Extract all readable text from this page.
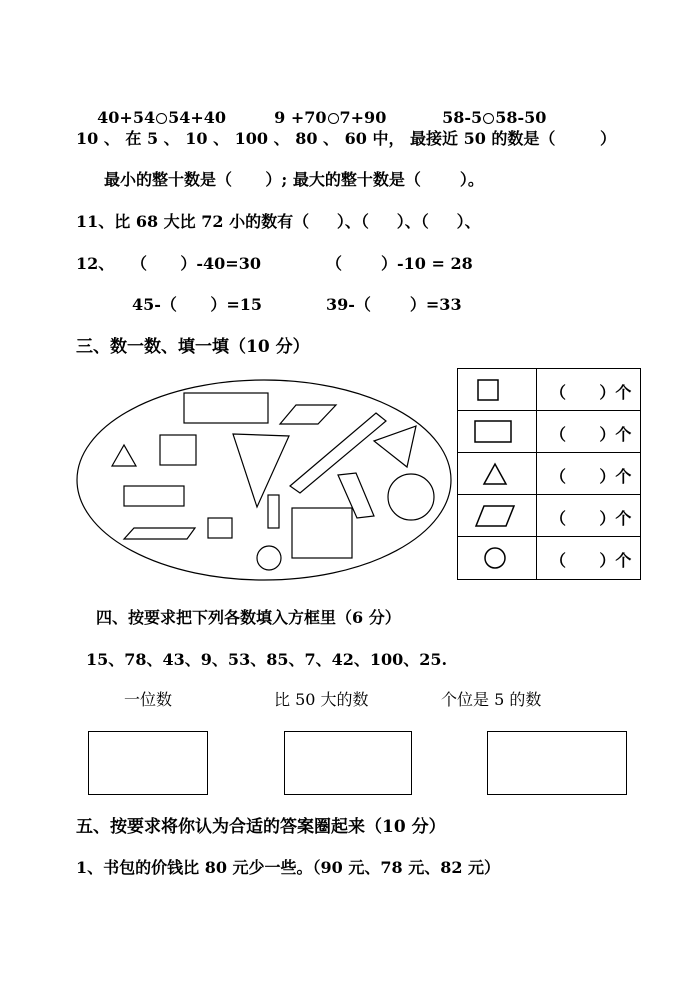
40+54 54+40	9 +70 7+90	58-5 58-50

10 、 在 5 、 10 、 100 、 80 、 60 中， 最接近 50 的数是（        ）
最小的整十数是（      ）; 最大的整十数是（       ）。
11、比 68 大比 72 小的数有（     ）、（     ）、（     ）、
12、   （      ）-40=30	（       ）-10 = 28
45-（      ）=15	39-（       ）=33
三、数一数、填一填（10 分）
（      ）个
（      ）个
（      ）个
（      ）个
（      ）个
四、按要求把下列各数填入方框里（6 分）
15、78、43、9、53、85、7、42、100、25.
一位数	比 50 大的数	个位是 5 的数
五、按要求将你认为合适的答案圈起来（10 分）
1、书包的价钱比 80 元少一些。（90 元、78 元、82 元）
